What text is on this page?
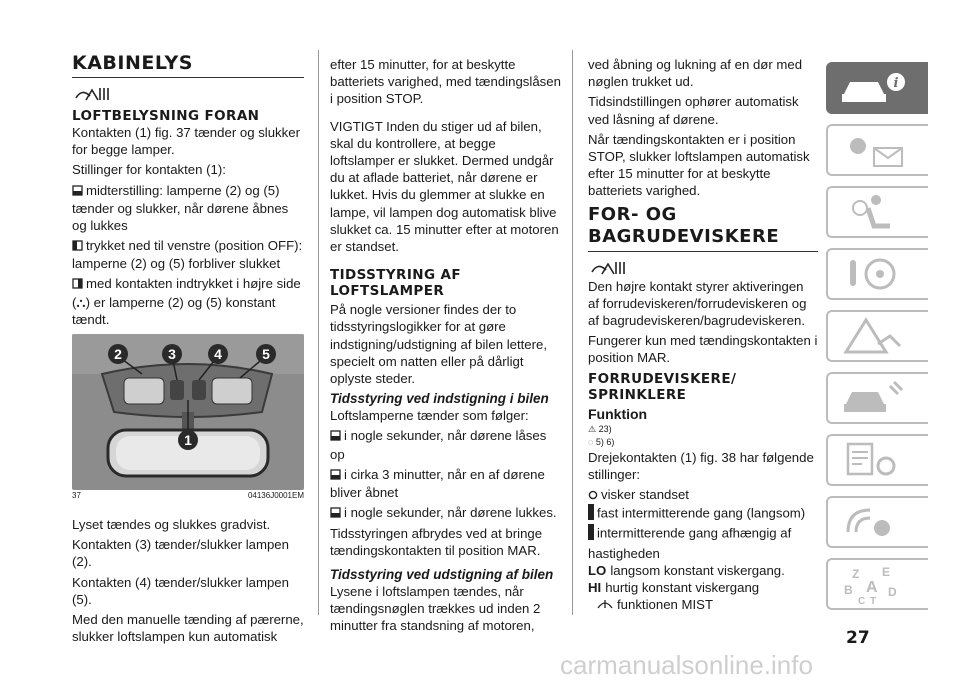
KABINELYS
LOFTBELYSNING FORAN

Kontakten (1) fig. 37 tænder og slukker for begge lamper.

Stillinger for kontakten (1):

midterstilling: lamperne (2) og (5) tænder og slukker, når dørene åbnes og lukkes

trykket ned til venstre (position OFF): lamperne (2) og (5) forbliver slukket

med kontakten indtrykket i højre side

(⛬) er lamperne (2) og (5) konstant tændt.

2	3	4	5
1
37	04136J0001EM

Lyset tændes og slukkes gradvist.

Kontakten (3) tænder/slukker lampen (2).

Kontakten (4) tænder/slukker lampen (5).

Med den manuelle tænding af pærerne, slukker loftslampen kun automatisk

efter 15 minutter, for at beskytte batteriets varighed, med tændingslåsen i position STOP.

VIGTIGT Inden du stiger ud af bilen, skal du kontrollere, at begge loftslamper er slukket. Dermed undgår du at aflade batteriet, når dørene er lukket. Hvis du glemmer at slukke en lampe, vil lampen dog automatisk blive slukket ca. 15 minutter efter at motoren er standset.

TIDSSTYRING AF LOFTSLAMPER

På nogle versioner findes der to tidsstyringslogikker for at gøre indstigning/udstigning af bilen lettere, specielt om natten eller på dårligt oplyste steder.

Tidsstyring ved indstigning i bilen

Loftslamperne tænder som følger:

i nogle sekunder, når dørene låses op

i cirka 3 minutter, når en af dørene bliver åbnet

i nogle sekunder, når dørene lukkes.

Tidsstyringen afbrydes ved at bringe tændingskontakten til position MAR.

Tidsstyring ved udstigning af bilen

Lysene i loftslampen tændes, når tændingsnøglen trækkes ud inden 2 minutter fra standsning af motoren,

ved åbning og lukning af en dør med nøglen trukket ud.

Tidsindstillingen ophører automatisk ved låsning af dørene.

Når tændingskontakten er i position STOP, slukker loftslampen automatisk efter 15 minutter for at beskytte batteriets varighed.

FOR- OG BAGRUDEVISKERE

Den højre kontakt styrer aktiveringen af forrudeviskeren/forrudeviskeren og af bagrudeviskeren/bagrudeviskeren.

Fungerer kun med tændingskontakten i position MAR.

FORRUDEVISKERE/ SPRINKLERE
Funktion
⚠ 23)
◌ 5) 6)

Drejekontakten (1) fig. 38 har følgende stillinger:

visker standset

fast intermitterende gang (langsom)

intermitterende gang afhængig af hastigheden

LO langsom konstant viskergang.

HI hurtig konstant viskergang

funktionen MIST

i
Z E
B A D
C T
27
carmanualsonline.info
